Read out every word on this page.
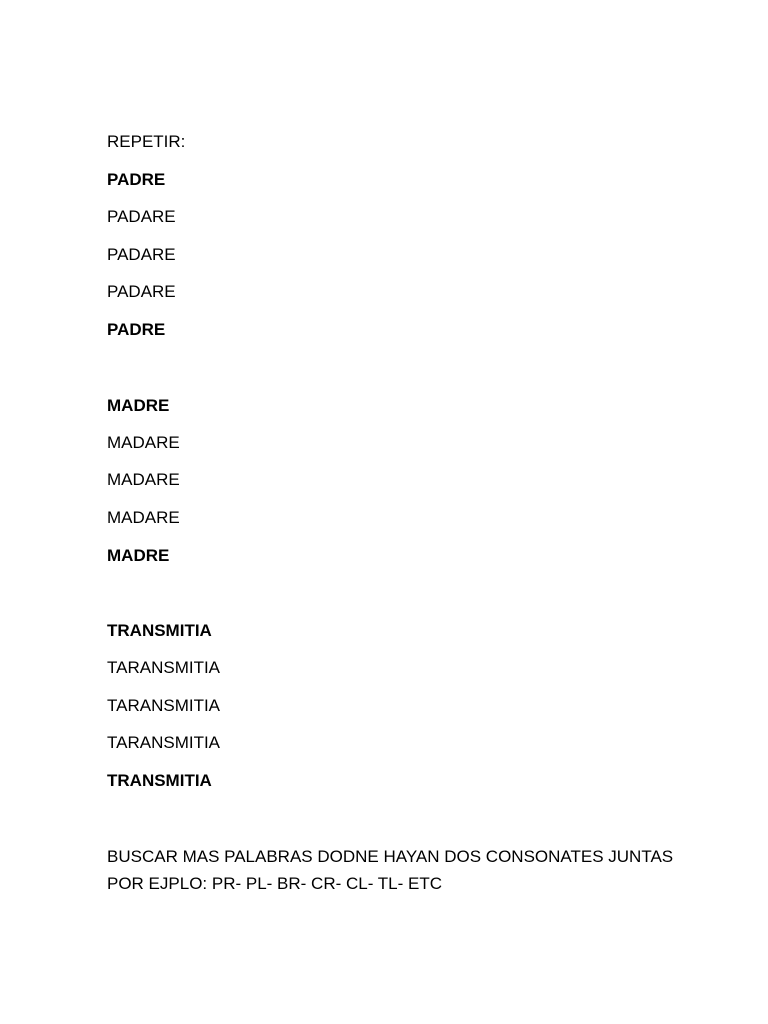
REPETIR:
PADRE
PADARE
PADARE
PADARE
PADRE
MADRE
MADARE
MADARE
MADARE
MADRE
TRANSMITIA
TARANSMITIA
TARANSMITIA
TARANSMITIA
TRANSMITIA
BUSCAR MAS PALABRAS DODNE HAYAN DOS CONSONATES JUNTAS
POR EJPLO: PR- PL- BR- CR- CL- TL- ETC
